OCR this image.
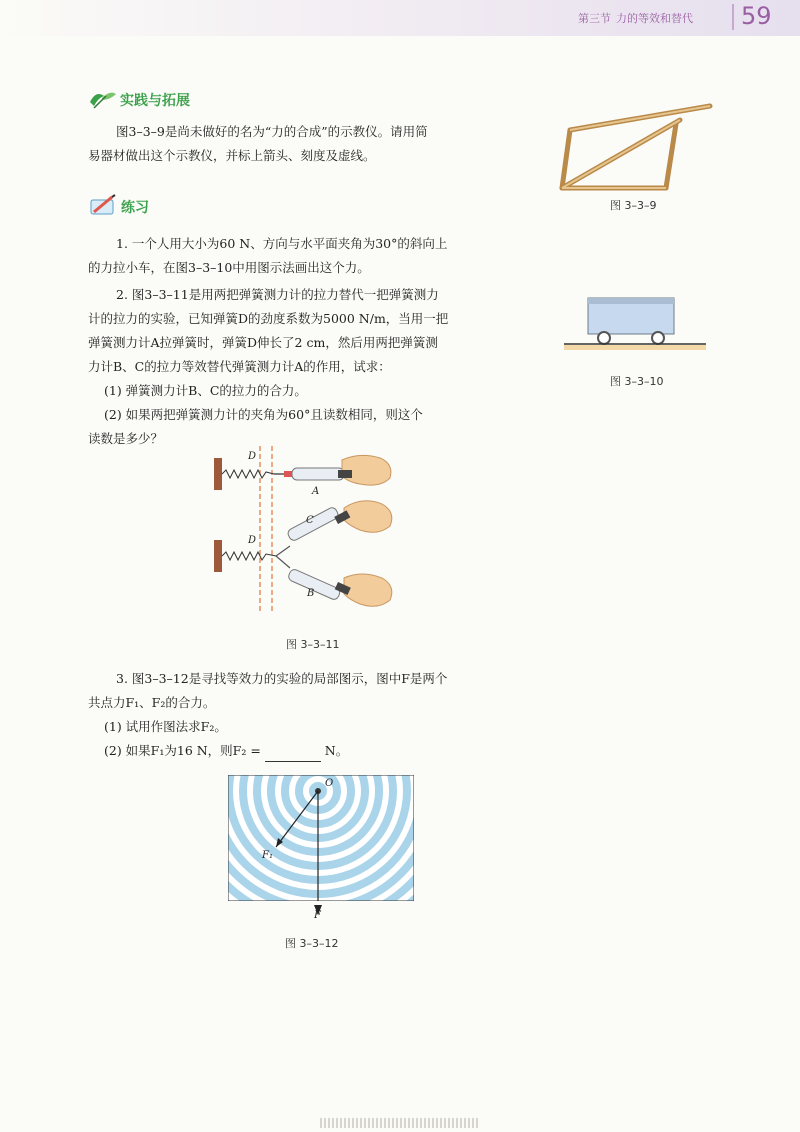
第三节 力的等效和替代 59
实践与拓展
图3–3–9是尚未做好的名为“力的合成”的示教仪。请用简
易器材做出这个示教仪，并标上箭头、刻度及虚线。
图 3–3–9
练习
1. 一个人用大小为60 N、方向与水平面夹角为30°的斜向上
的力拉小车，在图3–3–10中用图示法画出这个力。
2. 图3–3–11是用两把弹簧测力计的拉力替代一把弹簧测力
计的拉力的实验，已知弹簧D的劲度系数为5000 N/m，当用一把
弹簧测力计A拉弹簧时，弹簧D伸长了2 cm，然后用两把弹簧测
力计B、C的拉力等效替代弹簧测力计A的作用，试求：
(1) 弹簧测力计B、C的拉力的合力。
(2) 如果两把弹簧测力计的夹角为60°且读数相同，则这个
读数是多少？
图 3–3–10
D
A
D
C
B
图 3–3–11
3. 图3–3–12是寻找等效力的实验的局部图示，图中F是两个
共点力F₁、F₂的合力。
(1) 试用作图法求F₂。
(2) 如果F₁为16 N，则F₂ =	N。
O
F₁
F
图 3–3–12
